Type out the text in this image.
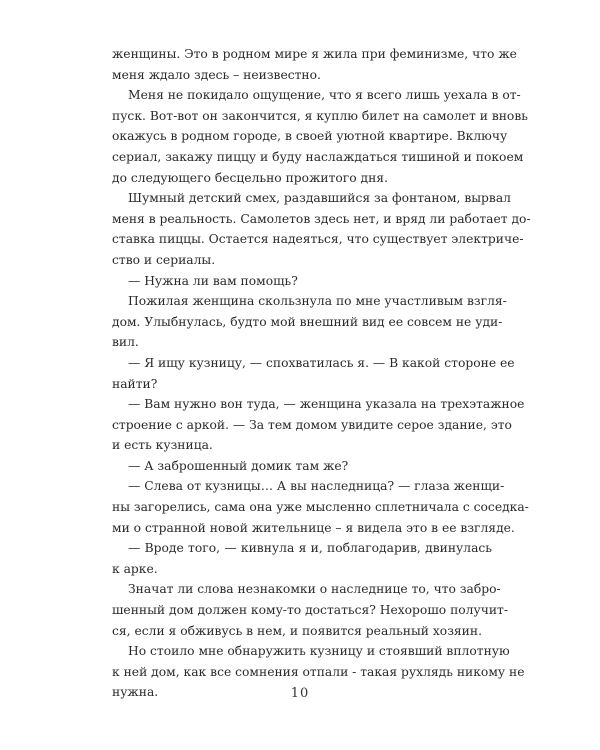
женщины. Это в родном мире я жила при феминизме, что же
меня ждало здесь – неизвестно.

Меня не покидало ощущение, что я всего лишь уехала в от-
пуск. Вот-вот он закончится, я куплю билет на самолет и вновь
окажусь в родном городе, в своей уютной квартире. Включу
сериал, закажу пиццу и буду наслаждаться тишиной и покоем
до следующего бесцельно прожитого дня.

Шумный детский смех, раздавшийся за фонтаном, вырвал
меня в реальность. Самолетов здесь нет, и вряд ли работает до-
ставка пиццы. Остается надеяться, что существует электриче-
ство и сериалы.

— Нужна ли вам помощь?

Пожилая женщина скользнула по мне участливым взгля-
дом. Улыбнулась, будто мой внешний вид ее совсем не уди-
вил.

— Я ищу кузницу, — спохватилась я. — В какой стороне ее
найти?

— Вам нужно вон туда, — женщина указала на трехэтажное
строение с аркой. — За тем домом увидите серое здание, это
и есть кузница.

— А заброшенный домик там же?

— Слева от кузницы… А вы наследница? — глаза женщи-
ны загорелись, сама она уже мысленно сплетничала с соседка-
ми о странной новой жительнице – я видела это в ее взгляде.

— Вроде того, — кивнула я и, поблагодарив, двинулась
к арке.

Значат ли слова незнакомки о наследнице то, что забро-
шенный дом должен кому-то достаться? Нехорошо получит-
ся, если я обживусь в нем, и появится реальный хозяин.

Но стоило мне обнаружить кузницу и стоявший вплотную
к ней дом, как все сомнения отпали - такая рухлядь никому не
нужна.	10
